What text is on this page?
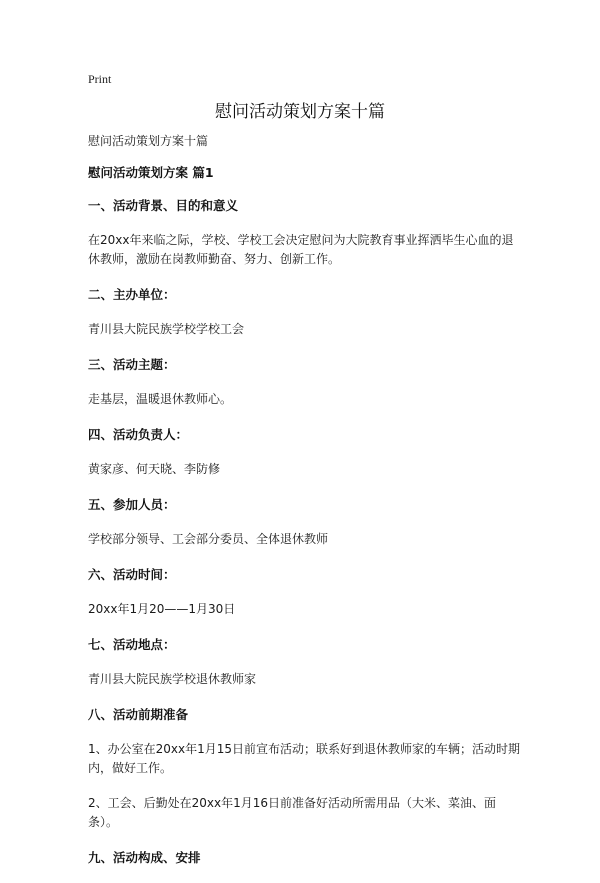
Print
慰问活动策划方案十篇
慰问活动策划方案十篇
慰问活动策划方案 篇1
一、活动背景、目的和意义
在20xx年来临之际，学校、学校工会决定慰问为大院教育事业挥洒毕生心血的退休教师，激励在岗教师勤奋、努力、创新工作。
二、主办单位：
青川县大院民族学校学校工会
三、活动主题：
走基层，温暖退休教师心。
四、活动负责人：
黄家彦、何天晓、李防修
五、参加人员：
学校部分领导、工会部分委员、全体退休教师
六、活动时间：
20xx年1月20——1月30日
七、活动地点：
青川县大院民族学校退休教师家
八、活动前期准备
1、办公室在20xx年1月15日前宣布活动；联系好到退休教师家的车辆；活动时期内，做好工作。
2、工会、后勤处在20xx年1月16日前准备好活动所需用品（大米、菜油、面条）。
九、活动构成、安排
